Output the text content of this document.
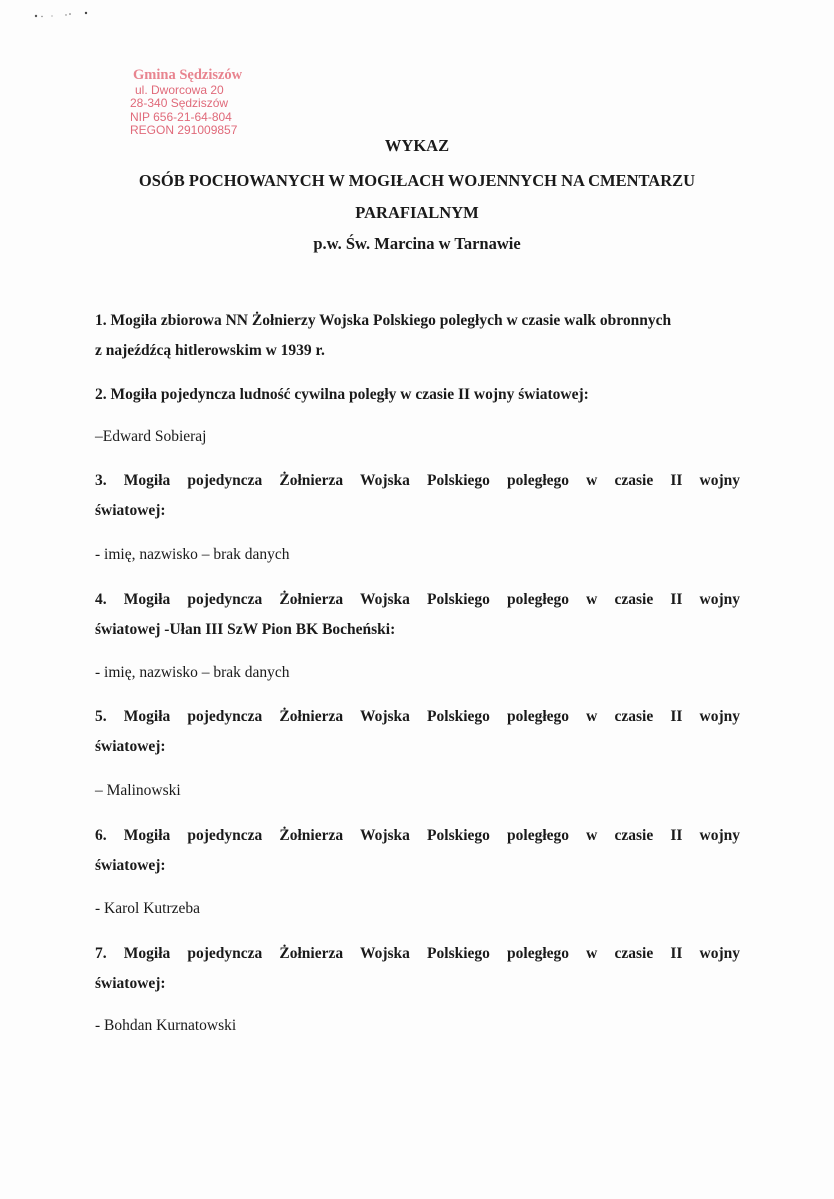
Gmina Sędziszów
ul. Dworcowa 20
28-340 Sędziszów
NIP 656-21-64-804
REGON 291009857
WYKAZ
OSÓB POCHOWANYCH W MOGIŁACH WOJENNYCH NA CMENTARZU
PARAFIALNYM
p.w. Św. Marcina w Tarnawie
1. Mogiła zbiorowa NN Żołnierzy Wojska Polskiego poległych w czasie walk obronnych
z najeźdźcą hitlerowskim w 1939 r.
2. Mogiła pojedyncza ludność cywilna poległy w czasie II wojny światowej:
–Edward Sobieraj
3. Mogiła pojedyncza Żołnierza Wojska Polskiego poległego w czasie II wojny
światowej:
- imię, nazwisko – brak danych
4. Mogiła pojedyncza Żołnierza Wojska Polskiego poległego w czasie II wojny
światowej -Ułan III SzW Pion BK Bocheński:
- imię, nazwisko – brak danych
5. Mogiła pojedyncza Żołnierza Wojska Polskiego poległego w czasie II wojny
światowej:
– Malinowski
6. Mogiła pojedyncza Żołnierza Wojska Polskiego poległego w czasie II wojny
światowej:
- Karol Kutrzeba
7. Mogiła pojedyncza Żołnierza Wojska Polskiego poległego w czasie II wojny
światowej:
- Bohdan Kurnatowski
